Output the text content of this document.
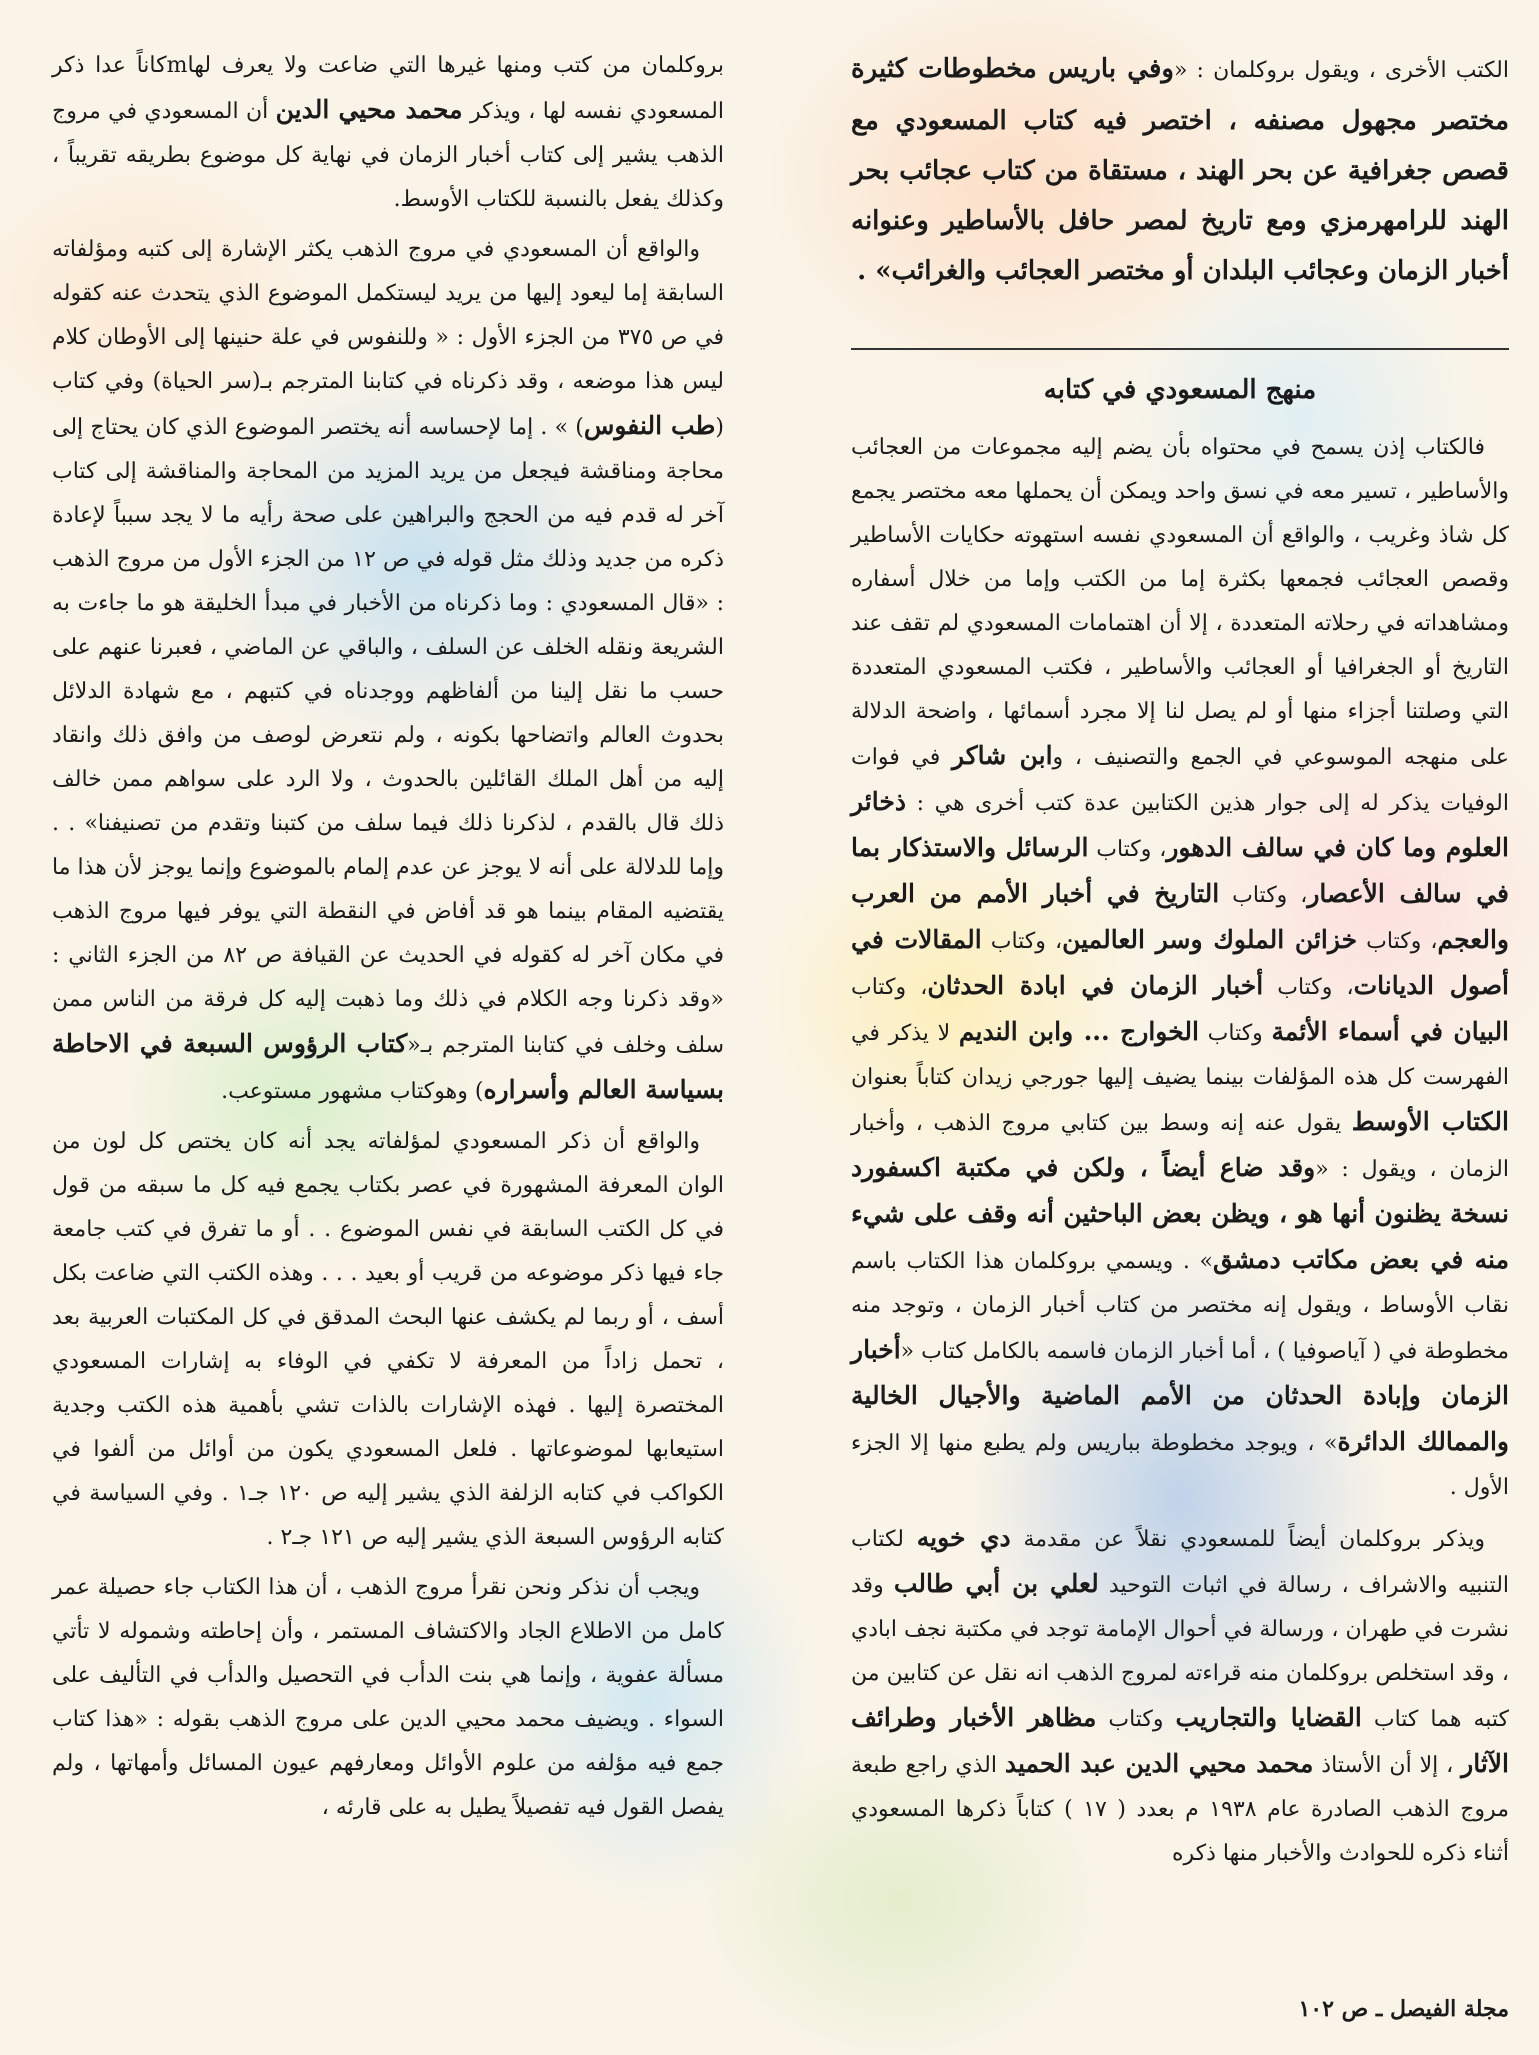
الكتب الأخرى ، ويقول بروكلمان : «وفي باريس مخطوطات كثيرة مختصر مجهول مصنفه ، اختصر فيه كتاب المسعودي مع قصص جغرافية عن بحر الهند ، مستقاة من كتاب عجائب بحر الهند للرامهرمزي ومع تاريخ لمصر حافل بالأساطير وعنوانه أخبار الزمان وعجائب البلدان أو مختصر العجائب والغرائب» .

منهج المسعودي في كتابه

فالكتاب إذن يسمح في محتواه بأن يضم إليه مجموعات من العجائب والأساطير ، تسير معه في نسق واحد ويمكن أن يحملها معه مختصر يجمع كل شاذ وغريب ، والواقع أن المسعودي نفسه استهوته حكايات الأساطير وقصص العجائب فجمعها بكثرة إما من الكتب وإما من خلال أسفاره ومشاهداته في رحلاته المتعددة ، إلا أن اهتمامات المسعودي لم تقف عند التاريخ أو الجغرافيا أو العجائب والأساطير ، فكتب المسعودي المتعددة التي وصلتنا أجزاء منها أو لم يصل لنا إلا مجرد أسمائها ، واضحة الدلالة على منهجه الموسوعي في الجمع والتصنيف ، وابن شاكر في فوات الوفيات يذكر له إلى جوار هذين الكتابين عدة كتب أخرى هي : ذخائر العلوم وما كان في سالف الدهور، وكتاب الرسائل والاستذكار بما في سالف الأعصار، وكتاب التاريخ في أخبار الأمم من العرب والعجم، وكتاب خزائن الملوك وسر العالمين، وكتاب المقالات في أصول الديانات، وكتاب أخبار الزمان في ابادة الحدثان، وكتاب البيان في أسماء الأئمة وكتاب الخوارج ... وابن النديم لا يذكر في الفهرست كل هذه المؤلفات بينما يضيف إليها جورجي زيدان كتاباً بعنوان الكتاب الأوسط يقول عنه إنه وسط بين كتابي مروج الذهب ، وأخبار الزمان ، ويقول : «وقد ضاع أيضاً ، ولكن في مكتبة اكسفورد نسخة يظنون أنها هو ، ويظن بعض الباحثين أنه وقف على شيء منه في بعض مكاتب دمشق» . ويسمي بروكلمان هذا الكتاب باسم نقاب الأوساط ، ويقول إنه مختصر من كتاب أخبار الزمان ، وتوجد منه مخطوطة في ( آياصوفيا ) ، أما أخبار الزمان فاسمه بالكامل كتاب «أخبار الزمان وإبادة الحدثان من الأمم الماضية والأجيال الخالية والممالك الدائرة» ، ويوجد مخطوطة بباريس ولم يطبع منها إلا الجزء الأول .

ويذكر بروكلمان أيضاً للمسعودي نقلاً عن مقدمة دي خويه لكتاب التنبيه والاشراف ، رسالة في اثبات التوحيد لعلي بن أبي طالب وقد نشرت في طهران ، ورسالة في أحوال الإمامة توجد في مكتبة نجف ابادي ، وقد استخلص بروكلمان منه قراءته لمروج الذهب انه نقل عن كتابين من كتبه هما كتاب القضايا والتجاريب وكتاب مظاهر الأخبار وطرائف الآثار ، إلا أن الأستاذ محمد محيي الدين عبد الحميد الذي راجع طبعة مروج الذهب الصادرة عام ١٩٣٨ م بعدد ( ١٧ ) كتاباً ذكرها المسعودي أثناء ذكره للحوادث والأخبار منها ذكره

بروكلمان من كتب ومنها غيرها التي ضاعت ولا يعرف لهاmكاناً عدا ذكر المسعودي نفسه لها ، ويذكر محمد محيي الدين أن المسعودي في مروج الذهب يشير إلى كتاب أخبار الزمان في نهاية كل موضوع بطريقه تقريباً ، وكذلك يفعل بالنسبة للكتاب الأوسط.

والواقع أن المسعودي في مروج الذهب يكثر الإشارة إلى كتبه ومؤلفاته السابقة إما ليعود إليها من يريد ليستكمل الموضوع الذي يتحدث عنه كقوله في ص ٣٧٥ من الجزء الأول : « وللنفوس في علة حنينها إلى الأوطان كلام ليس هذا موضعه ، وقد ذكرناه في كتابنا المترجم بـ(سر الحياة) وفي كتاب (طب النفوس) » . إما لإحساسه أنه يختصر الموضوع الذي كان يحتاج إلى محاجة ومناقشة فيجعل من يريد المزيد من المحاجة والمناقشة إلى كتاب آخر له قدم فيه من الحجج والبراهين على صحة رأيه ما لا يجد سبباً لإعادة ذكره من جديد وذلك مثل قوله في ص ١٢ من الجزء الأول من مروج الذهب : «قال المسعودي : وما ذكرناه من الأخبار في مبدأ الخليقة هو ما جاءت به الشريعة ونقله الخلف عن السلف ، والباقي عن الماضي ، فعبرنا عنهم على حسب ما نقل إلينا من ألفاظهم ووجدناه في كتبهم ، مع شهادة الدلائل بحدوث العالم واتضاحها بكونه ، ولم نتعرض لوصف من وافق ذلك وانقاد إليه من أهل الملك القائلين بالحدوث ، ولا الرد على سواهم ممن خالف ذلك قال بالقدم ، لذكرنا ذلك فيما سلف من كتبنا وتقدم من تصنيفنا» . . وإما للدلالة على أنه لا يوجز عن عدم إلمام بالموضوع وإنما يوجز لأن هذا ما يقتضيه المقام بينما هو قد أفاض في النقطة التي يوفر فيها مروج الذهب في مكان آخر له كقوله في الحديث عن القيافة ص ٨٢ من الجزء الثاني : «وقد ذكرنا وجه الكلام في ذلك وما ذهبت إليه كل فرقة من الناس ممن سلف وخلف في كتابنا المترجم بـ«كتاب الرؤوس السبعة في الاحاطة بسياسة العالم وأسراره) وهوكتاب مشهور مستوعب.

والواقع أن ذكر المسعودي لمؤلفاته يجد أنه كان يختص كل لون من الوان المعرفة المشهورة في عصر بكتاب يجمع فيه كل ما سبقه من قول في كل الكتب السابقة في نفس الموضوع . . أو ما تفرق في كتب جامعة جاء فيها ذكر موضوعه من قريب أو بعيد . . . وهذه الكتب التي ضاعت بكل أسف ، أو ربما لم يكشف عنها البحث المدقق في كل المكتبات العربية بعد ، تحمل زاداً من المعرفة لا تكفي في الوفاء به إشارات المسعودي المختصرة إليها . فهذه الإشارات بالذات تشي بأهمية هذه الكتب وجدية استيعابها لموضوعاتها . فلعل المسعودي يكون من أوائل من ألفوا في الكواكب في كتابه الزلفة الذي يشير إليه ص ١٢٠ جـ١ . وفي السياسة في كتابه الرؤوس السبعة الذي يشير إليه ص ١٢١ جـ٢ .

ويجب أن نذكر ونحن نقرأ مروج الذهب ، أن هذا الكتاب جاء حصيلة عمر كامل من الاطلاع الجاد والاكتشاف المستمر ، وأن إحاطته وشموله لا تأتي مسألة عفوية ، وإنما هي بنت الدأب في التحصيل والدأب في التأليف على السواء . ويضيف محمد محيي الدين على مروج الذهب بقوله : «هذا كتاب جمع فيه مؤلفه من علوم الأوائل ومعارفهم عيون المسائل وأمهاتها ، ولم يفصل القول فيه تفصيلاً يطيل به على قارئه ،

مجلة الفيصل ـ ص ١٠٢
